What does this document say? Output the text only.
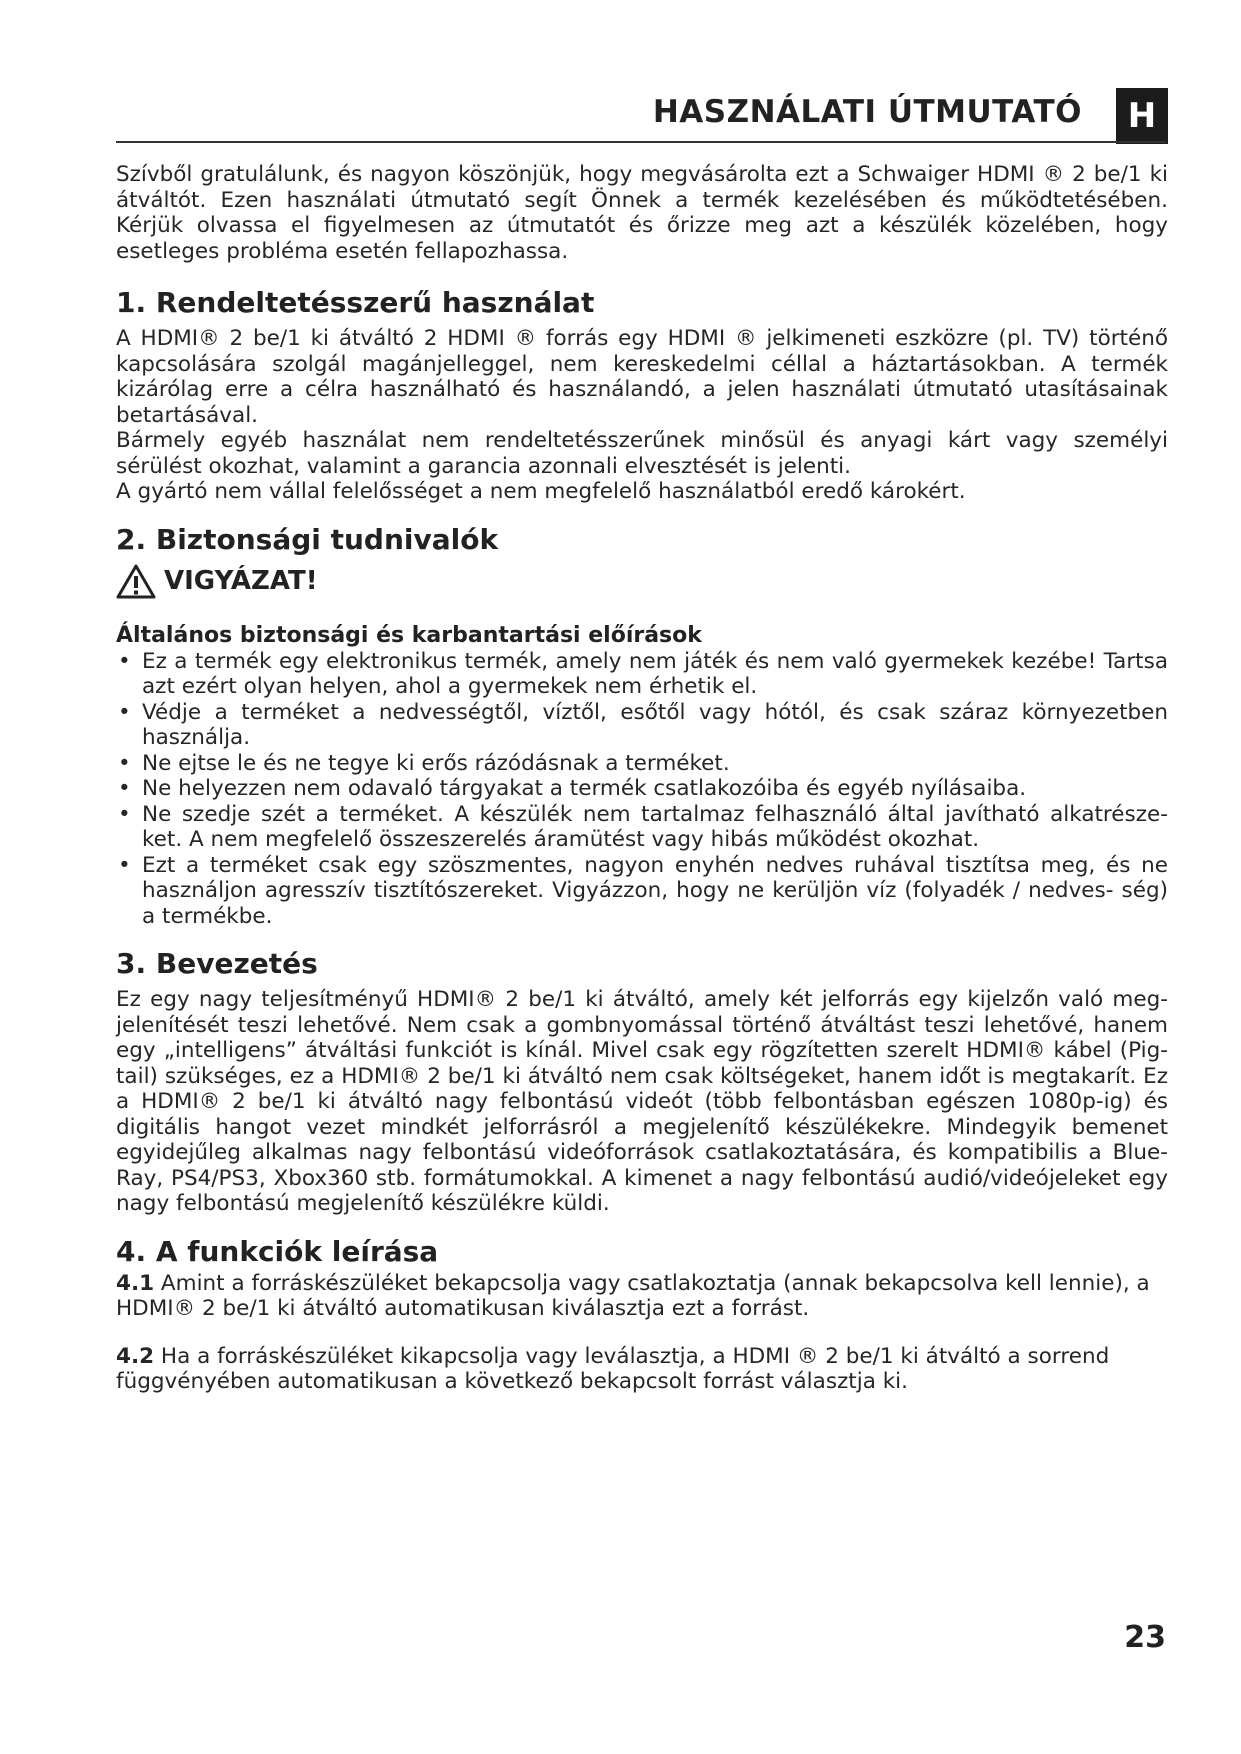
HASZNÁLATI ÚTMUTATÓ	H

Szívből gratulálunk, és nagyon köszönjük, hogy megvásárolta ezt a Schwaiger HDMI ® 2 be/1 ki átváltót. Ezen használati útmutató segít Önnek a termék kezelésében és működtetésében. Kérjük olvassa el figyelmesen az útmutatót és őrizze meg azt a készülék közelében, hogy esetleges probléma esetén fellapozhassa.

1. Rendeltetésszerű használat

A HDMI® 2 be/1 ki átváltó 2 HDMI ® forrás egy HDMI ® jelkimeneti eszközre (pl. TV) történő kapcsolására szolgál magánjelleggel, nem kereskedelmi céllal a háztartásokban. A termék kizárólag erre a célra használható és használandó, a jelen használati útmutató utasításainak betartásával.

Bármely egyéb használat nem rendeltetésszerűnek minősül és anyagi kárt vagy személyi sérülést okozhat, valamint a garancia azonnali elvesztését is jelenti.

A gyártó nem vállal felelősséget a nem megfelelő használatból eredő károkért.

2. Biztonsági tudnivalók
VIGYÁZAT!
Általános biztonsági és karbantartási előírások
• Ez a termék egy elektronikus termék, amely nem játék és nem való gyermekek kezébe! Tartsa azt ezért olyan helyen, ahol a gyermekek nem érhetik el.
• Védje a terméket a nedvességtől, víztől, esőtől vagy hótól, és csak száraz környezetben használja.
• Ne ejtse le és ne tegye ki erős rázódásnak a terméket.
• Ne helyezzen nem odavaló tárgyakat a termék csatlakozóiba és egyéb nyílásaiba.
• Ne szedje szét a terméket. A készülék nem tartalmaz felhasználó által javítható alkatrésze- ket. A nem megfelelő összeszerelés áramütést vagy hibás működést okozhat.
• Ezt a terméket csak egy szöszmentes, nagyon enyhén nedves ruhával tisztítsa meg, és ne használjon agresszív tisztítószereket. Vigyázzon, hogy ne kerüljön víz (folyadék / nedves- ség) a termékbe.
3. Bevezetés

Ez egy nagy teljesítményű HDMI® 2 be/1 ki átváltó, amely két jelforrás egy kijelzőn való meg- jelenítését teszi lehetővé. Nem csak a gombnyomással történő átváltást teszi lehetővé, hanem egy „intelligens” átváltási funkciót is kínál. Mivel csak egy rögzítetten szerelt HDMI® kábel (Pig- tail) szükséges, ez a HDMI® 2 be/1 ki átváltó nem csak költségeket, hanem időt is megtakarít. Ez a HDMI® 2 be/1 ki átváltó nagy felbontású videót (több felbontásban egészen 1080p-ig) és digitális hangot vezet mindkét jelforrásról a megjelenítő készülékekre. Mindegyik bemenet egyidejűleg alkalmas nagy felbontású videóforrások csatlakoztatására, és kompatibilis a Blue- Ray, PS4/PS3, Xbox360 stb. formátumokkal. A kimenet a nagy felbontású audió/videójeleket egy nagy felbontású megjelenítő készülékre küldi.

4. A funkciók leírása

4.1 Amint a forráskészüléket bekapcsolja vagy csatlakoztatja (annak bekapcsolva kell lennie), a HDMI® 2 be/1 ki átváltó automatikusan kiválasztja ezt a forrást.

4.2 Ha a forráskészüléket kikapcsolja vagy leválasztja, a HDMI ® 2 be/1 ki átváltó a sorrend függvényében automatikusan a következő bekapcsolt forrást választja ki.

23
